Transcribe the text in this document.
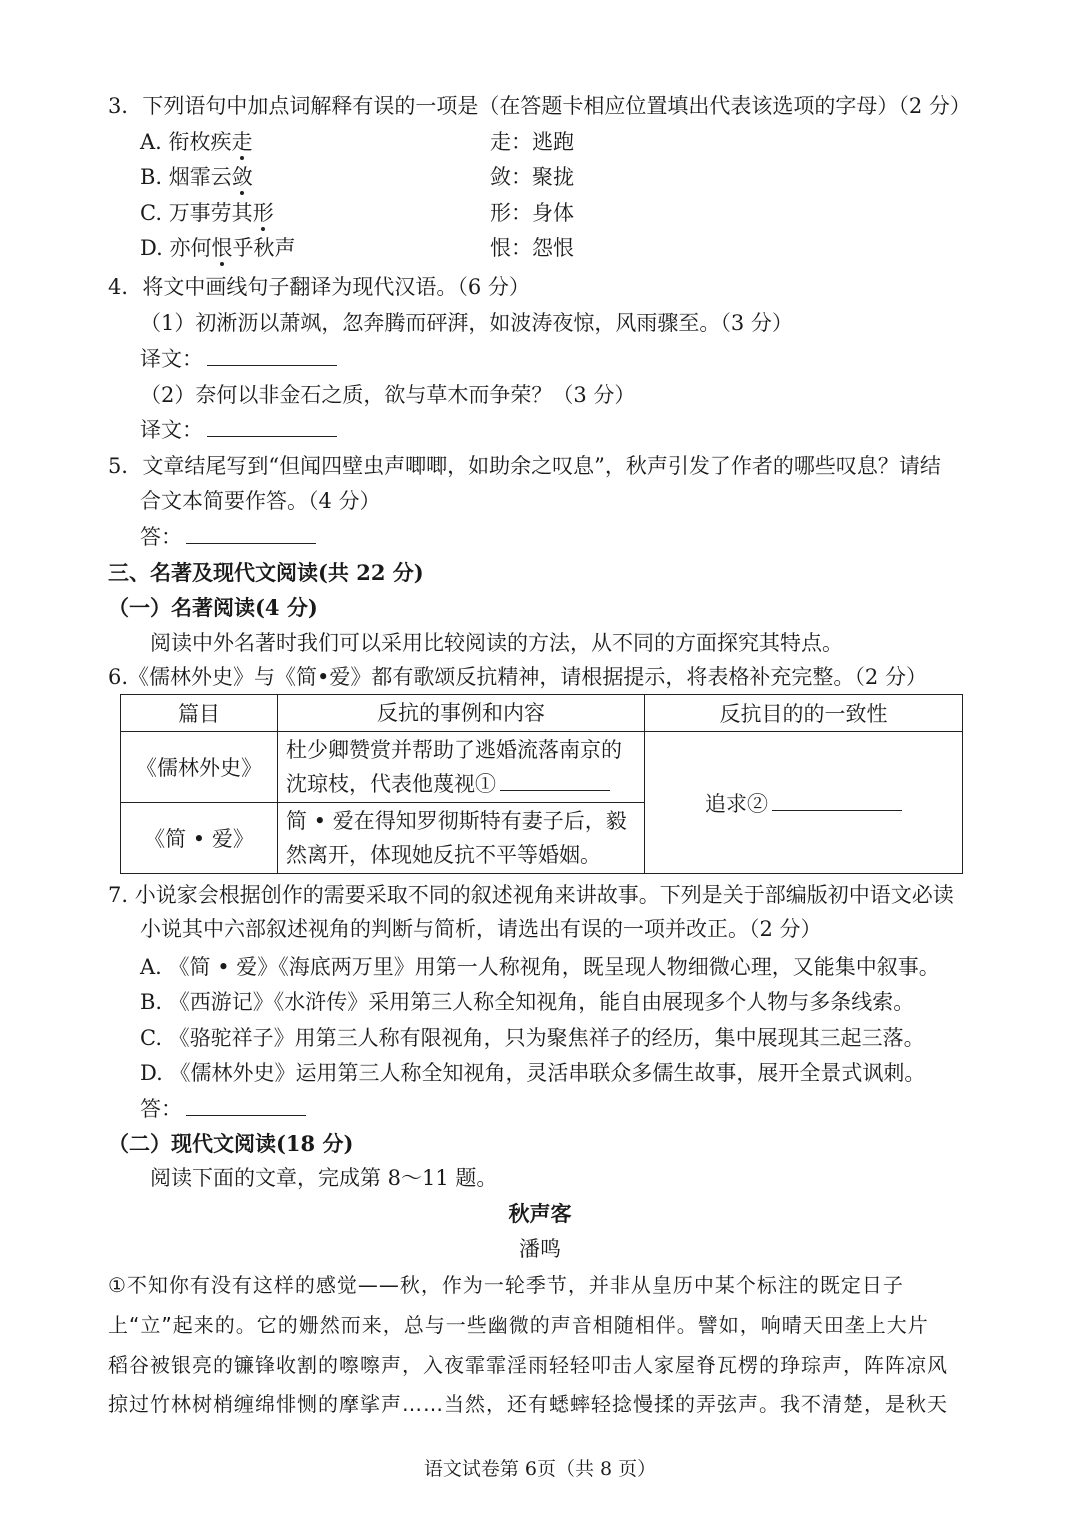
3．下列语句中加点词解释有误的一项是（在答题卡相应位置填出代表该选项的字母）（2 分）
A. 衔枚疾走	走：逃跑
B. 烟霏云敛	敛：聚拢
C. 万事劳其形	形：身体
D. 亦何恨乎秋声	恨：怨恨
4．将文中画线句子翻译为现代汉语。（6 分）
（1）初淅沥以萧飒，忽奔腾而砰湃，如波涛夜惊，风雨骤至。（3 分）
译文：
（2）奈何以非金石之质，欲与草木而争荣？（3 分）
译文：
5．文章结尾写到“但闻四壁虫声唧唧，如助余之叹息”，秋声引发了作者的哪些叹息？请结
合文本简要作答。（4 分）
答：
三、名著及现代文阅读(共 22 分)
（一）名著阅读(4 分)
阅读中外名著时我们可以采用比较阅读的方法，从不同的方面探究其特点。
6.《儒林外史》与《简•爱》都有歌颂反抗精神，请根据提示，将表格补充完整。（2 分）
篇目	反抗的事例和内容	反抗目的的一致性
《儒林外史》	杜少卿赞赏并帮助了逃婚流落南京的
沈琼枝，代表他蔑视①	追求②
《简 • 爱》	简 • 爱在得知罗彻斯特有妻子后，毅
然离开，体现她反抗不平等婚姻。	
7. 小说家会根据创作的需要采取不同的叙述视角来讲故事。下列是关于部编版初中语文必读
小说其中六部叙述视角的判断与简析，请选出有误的一项并改正。（2 分）
A. 《简 • 爱》《海底两万里》用第一人称视角，既呈现人物细微心理，又能集中叙事。
B. 《西游记》《水浒传》采用第三人称全知视角，能自由展现多个人物与多条线索。
C. 《骆驼祥子》用第三人称有限视角，只为聚焦祥子的经历，集中展现其三起三落。
D. 《儒林外史》运用第三人称全知视角，灵活串联众多儒生故事，展开全景式讽刺。
答：
（二）现代文阅读(18 分)
阅读下面的文章，完成第 8～11 题。
秋声客
潘鸣
①不知你有没有这样的感觉——秋，作为一轮季节，并非从皇历中某个标注的既定日子
上“立”起来的。它的姗然而来，总与一些幽微的声音相随相伴。譬如，响晴天田垄上大片
稻谷被银亮的镰锋收割的嚓嚓声，入夜霏霏淫雨轻轻叩击人家屋脊瓦楞的琤琮声，阵阵凉风
掠过竹林树梢缠绵悱恻的摩挲声……当然，还有蟋蟀轻捻慢揉的弄弦声。我不清楚，是秋天
语文试卷第 6页（共 8 页）
